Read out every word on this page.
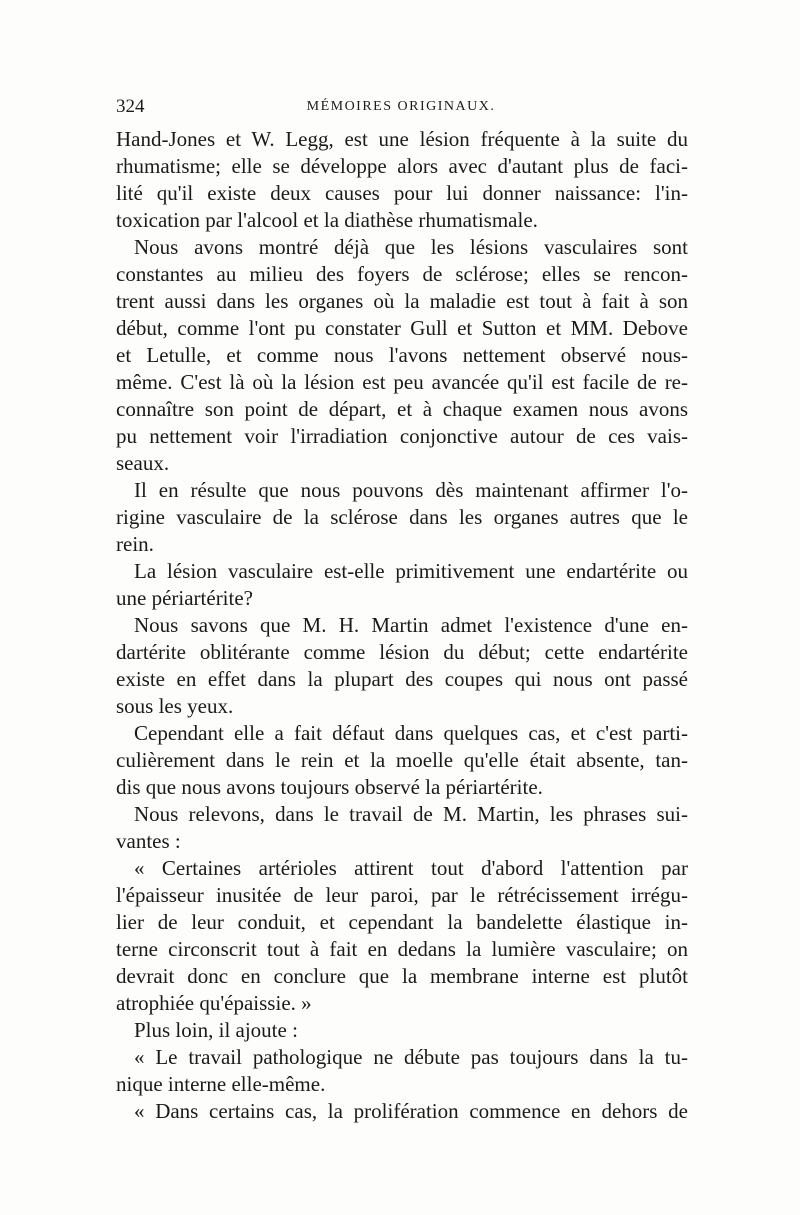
324	MÉMOIRES ORIGINAUX.
Hand-Jones et W. Legg, est une lésion fréquente à la suite du
rhumatisme; elle se développe alors avec d'autant plus de faci-
lité qu'il existe deux causes pour lui donner naissance: l'in-
toxication par l'alcool et la diathèse rhumatismale.
Nous avons montré déjà que les lésions vasculaires sont
constantes au milieu des foyers de sclérose; elles se rencon-
trent aussi dans les organes où la maladie est tout à fait à son
début, comme l'ont pu constater Gull et Sutton et MM. Debove
et Letulle, et comme nous l'avons nettement observé nous-
même. C'est là où la lésion est peu avancée qu'il est facile de re-
connaître son point de départ, et à chaque examen nous avons
pu nettement voir l'irradiation conjonctive autour de ces vais-
seaux.
Il en résulte que nous pouvons dès maintenant affirmer l'o-
rigine vasculaire de la sclérose dans les organes autres que le
rein.
La lésion vasculaire est-elle primitivement une endartérite ou
une périartérite?
Nous savons que M. H. Martin admet l'existence d'une en-
dartérite oblitérante comme lésion du début; cette endartérite
existe en effet dans la plupart des coupes qui nous ont passé
sous les yeux.
Cependant elle a fait défaut dans quelques cas, et c'est parti-
culièrement dans le rein et la moelle qu'elle était absente, tan-
dis que nous avons toujours observé la périartérite.
Nous relevons, dans le travail de M. Martin, les phrases sui-
vantes :
« Certaines artérioles attirent tout d'abord l'attention par
l'épaisseur inusitée de leur paroi, par le rétrécissement irrégu-
lier de leur conduit, et cependant la bandelette élastique in-
terne circonscrit tout à fait en dedans la lumière vasculaire; on
devrait donc en conclure que la membrane interne est plutôt
atrophiée qu'épaissie. »
Plus loin, il ajoute :
« Le travail pathologique ne débute pas toujours dans la tu-
nique interne elle-même.
« Dans certains cas, la prolifération commence en dehors de
